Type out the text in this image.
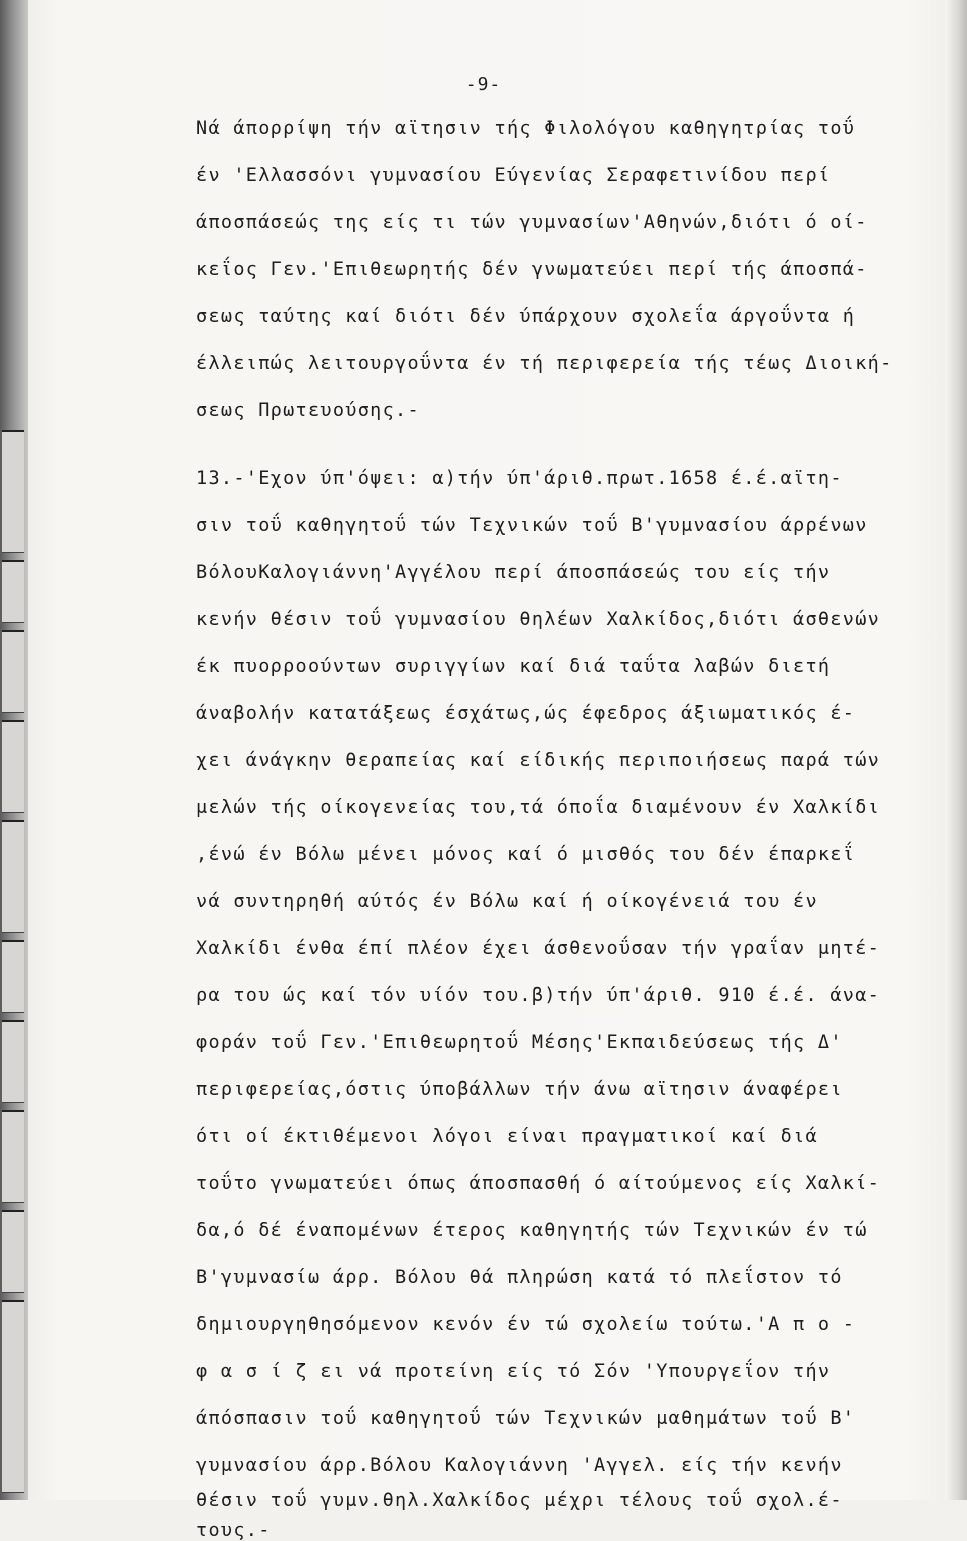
-9-
Νά άπορρίψη τήν αϊτησιν τής Φιλολόγου καθηγητρίας τοΰ
έν 'Ελλασσόνι γυμνασίου Εύγενίας Σεραφετινίδου περί
άποσπάσεώς της είς τι τών γυμνασίων'Αθηνών,διότι ό οί-
κεΐος Γεν.'Επιθεωρητής δέν γνωματεύει περί τής άποσπά-
σεως ταύτης καί διότι δέν ύπάρχουν σχολεΐα άργοΰντα ή
έλλειπώς λειτουργοΰντα έν τή περιφερεία τής τέως Διοική-
σεως Πρωτευούσης.-
13.-'Εχον ύπ'όψει: α)τήν ύπ'άριθ.πρωτ.1658 έ.έ.αϊτη-
σιν τοΰ καθηγητοΰ τών Τεχνικών τοΰ Β'γυμνασίου άρρένων
ΒόλουΚαλογιάννη'Αγγέλου περί άποσπάσεώς του είς τήν
κενήν θέσιν τοΰ γυμνασίου θηλέων Χαλκίδος,διότι άσθενών
έκ πυορροούντων συριγγίων καί διά ταΰτα λαβών διετή
άναβολήν κατατάξεως έσχάτως,ώς έφεδρος άξιωματικός έ-
χει άνάγκην θεραπείας καί είδικής περιποιήσεως παρά τών
μελών τής οίκογενείας του,τά όποΐα διαμένουν έν Χαλκίδι
,ένώ έν Βόλω μένει μόνος καί ό μισθός του δέν έπαρκεΐ
νά συντηρηθή αύτός έν Βόλω καί ή οίκογένειά του έν
Χαλκίδι ένθα έπί πλέον έχει άσθενοΰσαν τήν γραΐαν μητέ-
ρα του ώς καί τόν υίόν του.β)τήν ύπ'άριθ. 910 έ.έ. άνα-
φοράν τοΰ Γεν.'Επιθεωρητοΰ Μέσης'Εκπαιδεύσεως τής Δ'
περιφερείας,όστις ύποβάλλων τήν άνω αϊτησιν άναφέρει
ότι οί έκτιθέμενοι λόγοι είναι πραγματικοί καί διά
τοΰτο γνωματεύει όπως άποσπασθή ό αίτούμενος είς Χαλκί-
δα,ό δέ έναπομένων έτερος καθηγητής τών Τεχνικών έν τώ
Β'γυμνασίω άρρ. Βόλου θά πληρώση κατά τό πλεΐστον τό
δημιουργηθησόμενον κενόν έν τώ σχολείω τούτω.'Α π ο -
φ α σ ί ζ ει νά προτείνη είς τό Σόν 'Υπουργεΐον τήν
άπόσπασιν τοΰ καθηγητοΰ τών Τεχνικών μαθημάτων τοΰ Β'
γυμνασίου άρρ.Βόλου Καλογιάννη 'Αγγελ. είς τήν κενήν
θέσιν τοΰ γυμν.θηλ.Χαλκίδος μέχρι τέλους τοΰ σχολ.έ-
τους.-
